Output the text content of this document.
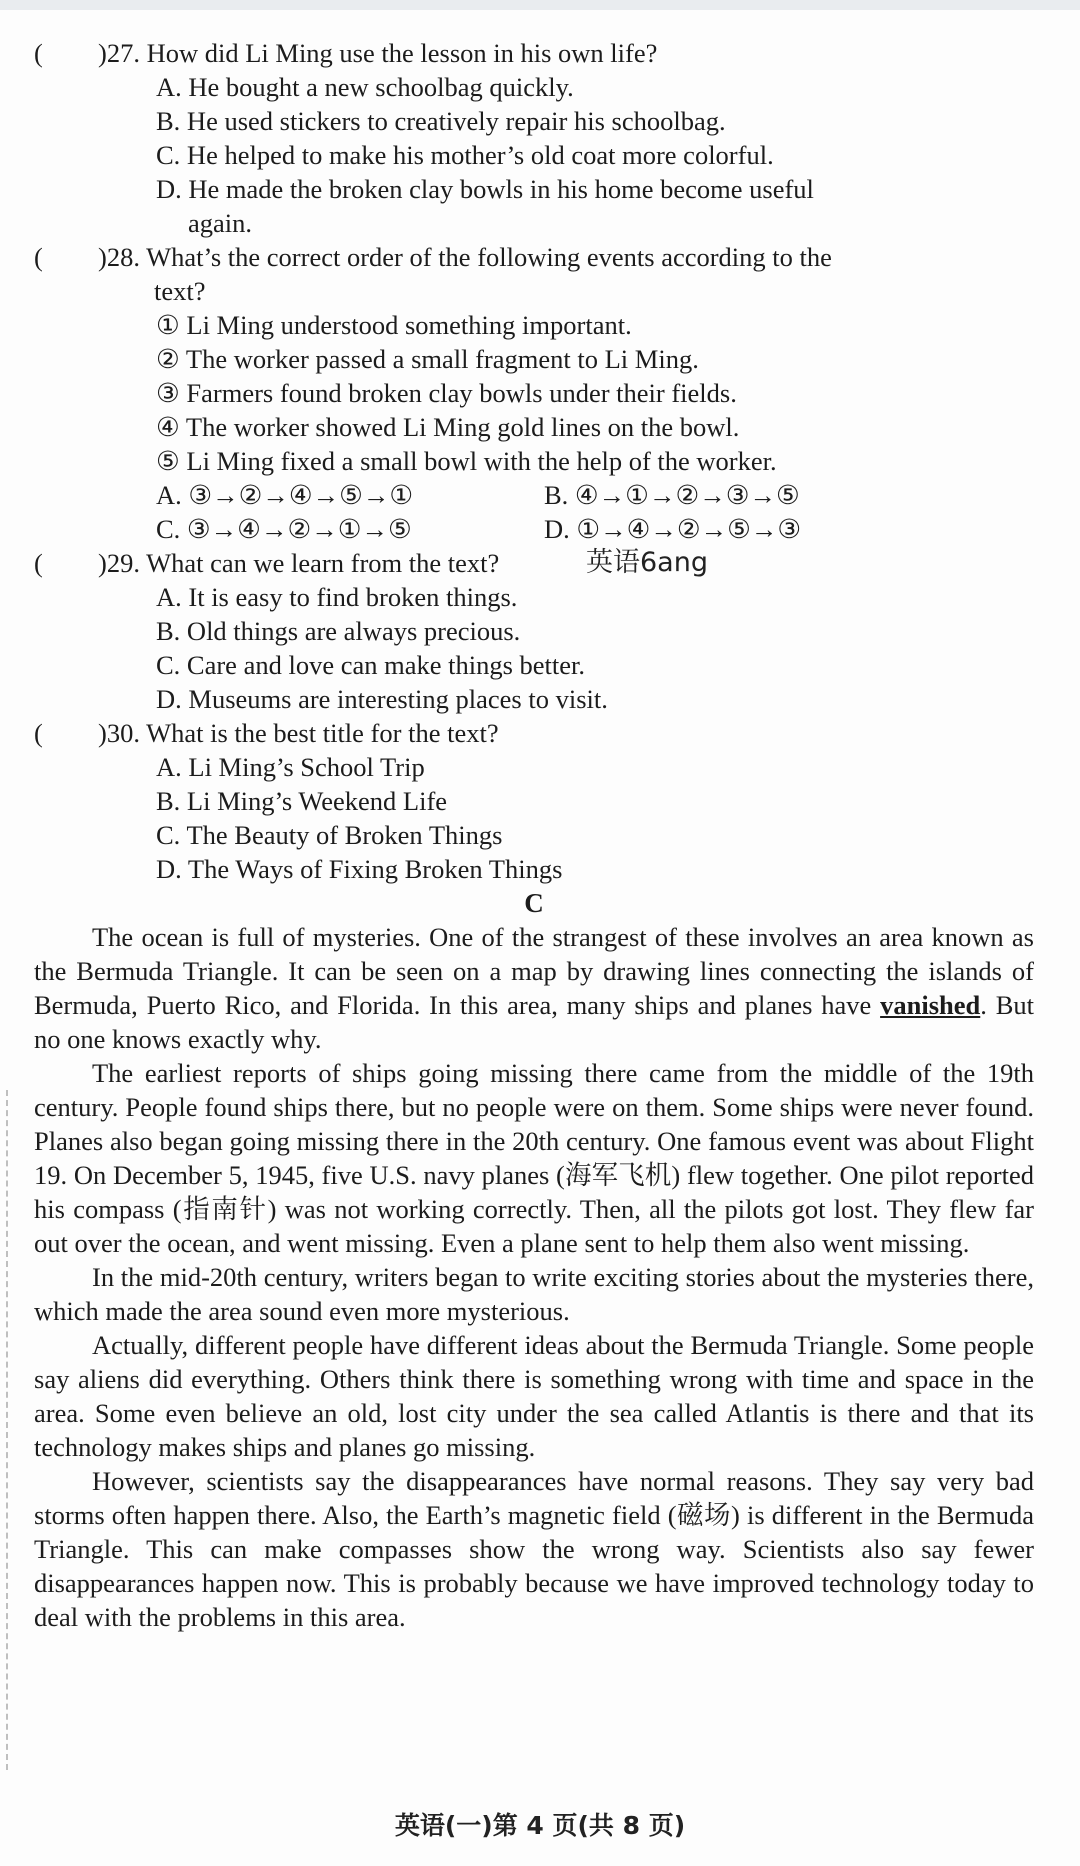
( )27. How did Li Ming use the lesson in his own life?
A. He bought a new schoolbag quickly.
B. He used stickers to creatively repair his schoolbag.
C. He helped to make his mother’s old coat more colorful.
D. He made the broken clay bowls in his home become useful
again.
( )28. What’s the correct order of the following events according to the
text?
① Li Ming understood something important.
② The worker passed a small fragment to Li Ming.
③ Farmers found broken clay bowls under their fields.
④ The worker showed Li Ming gold lines on the bowl.
⑤ Li Ming fixed a small bowl with the help of the worker.
A. ③→②→④→⑤→①	B. ④→①→②→③→⑤
C. ③→④→②→①→⑤	D. ①→④→②→⑤→③
( )29. What can we learn from the text?	英语6ang
A. It is easy to find broken things.
B. Old things are always precious.
C. Care and love can make things better.
D. Museums are interesting places to visit.
( )30. What is the best title for the text?
A. Li Ming’s School Trip
B. Li Ming’s Weekend Life
C. The Beauty of Broken Things
D. The Ways of Fixing Broken Things
C

The ocean is full of mysteries. One of the strangest of these involves an area known as the Bermuda Triangle. It can be seen on a map by drawing lines connecting the islands of Bermuda, Puerto Rico, and Florida. In this area, many ships and planes have vanished. But no one knows exactly why.

The earliest reports of ships going missing there came from the middle of the 19th century. People found ships there, but no people were on them. Some ships were never found. Planes also began going missing there in the 20th century. One famous event was about Flight 19. On December 5, 1945, five U.S. navy planes (海军飞机) flew together. One pilot reported his compass (指南针) was not working correctly. Then, all the pilots got lost. They flew far out over the ocean, and went missing. Even a plane sent to help them also went missing.

In the mid-20th century, writers began to write exciting stories about the mysteries there, which made the area sound even more mysterious.

Actually, different people have different ideas about the Bermuda Triangle. Some people say aliens did everything. Others think there is something wrong with time and space in the area. Some even believe an old, lost city under the sea called Atlantis is there and that its technology makes ships and planes go missing.

However, scientists say the disappearances have normal reasons. They say very bad storms often happen there. Also, the Earth’s magnetic field (磁场) is different in the Bermuda Triangle. This can make compasses show the wrong way. Scientists also say fewer disappearances happen now. This is probably because we have improved technology today to deal with the problems in this area.

英语(一)第 4 页(共 8 页)
